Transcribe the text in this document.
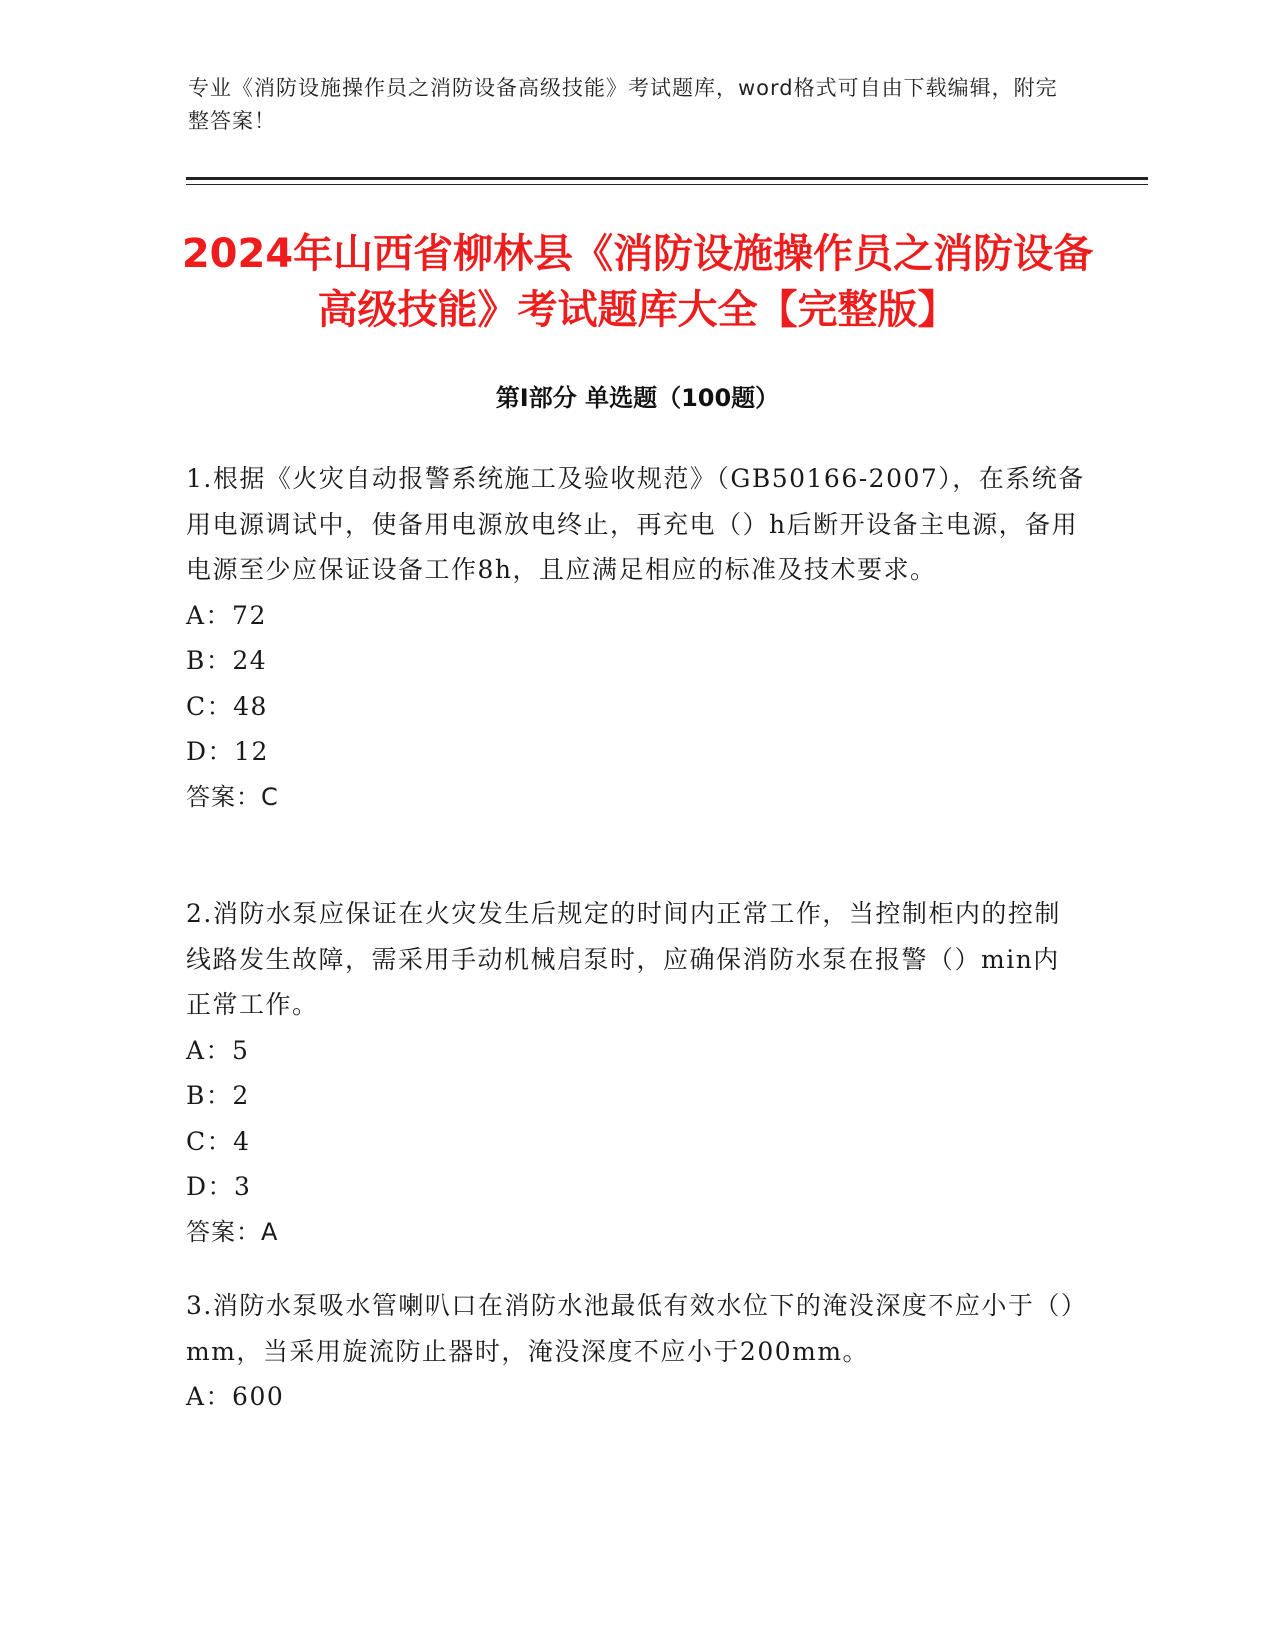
专业《消防设施操作员之消防设备高级技能》考试题库，word格式可自由下载编辑，附完整答案！
2024年山西省柳林县《消防设施操作员之消防设备高级技能》考试题库大全【完整版】
第Ⅰ部分 单选题（100题）
1.根据《火灾自动报警系统施工及验收规范》（GB50166-2007），在系统备用电源调试中，使备用电源放电终止，再充电（）h后断开设备主电源，备用电源至少应保证设备工作8h，且应满足相应的标准及技术要求。
A：72
B：24
C：48
D：12
答案：C
2.消防水泵应保证在火灾发生后规定的时间内正常工作，当控制柜内的控制线路发生故障，需采用手动机械启泵时，应确保消防水泵在报警（）min内正常工作。
A：5
B：2
C：4
D：3
答案：A
3.消防水泵吸水管喇叭口在消防水池最低有效水位下的淹没深度不应小于（）mm，当采用旋流防止器时，淹没深度不应小于200mm。
A：600
